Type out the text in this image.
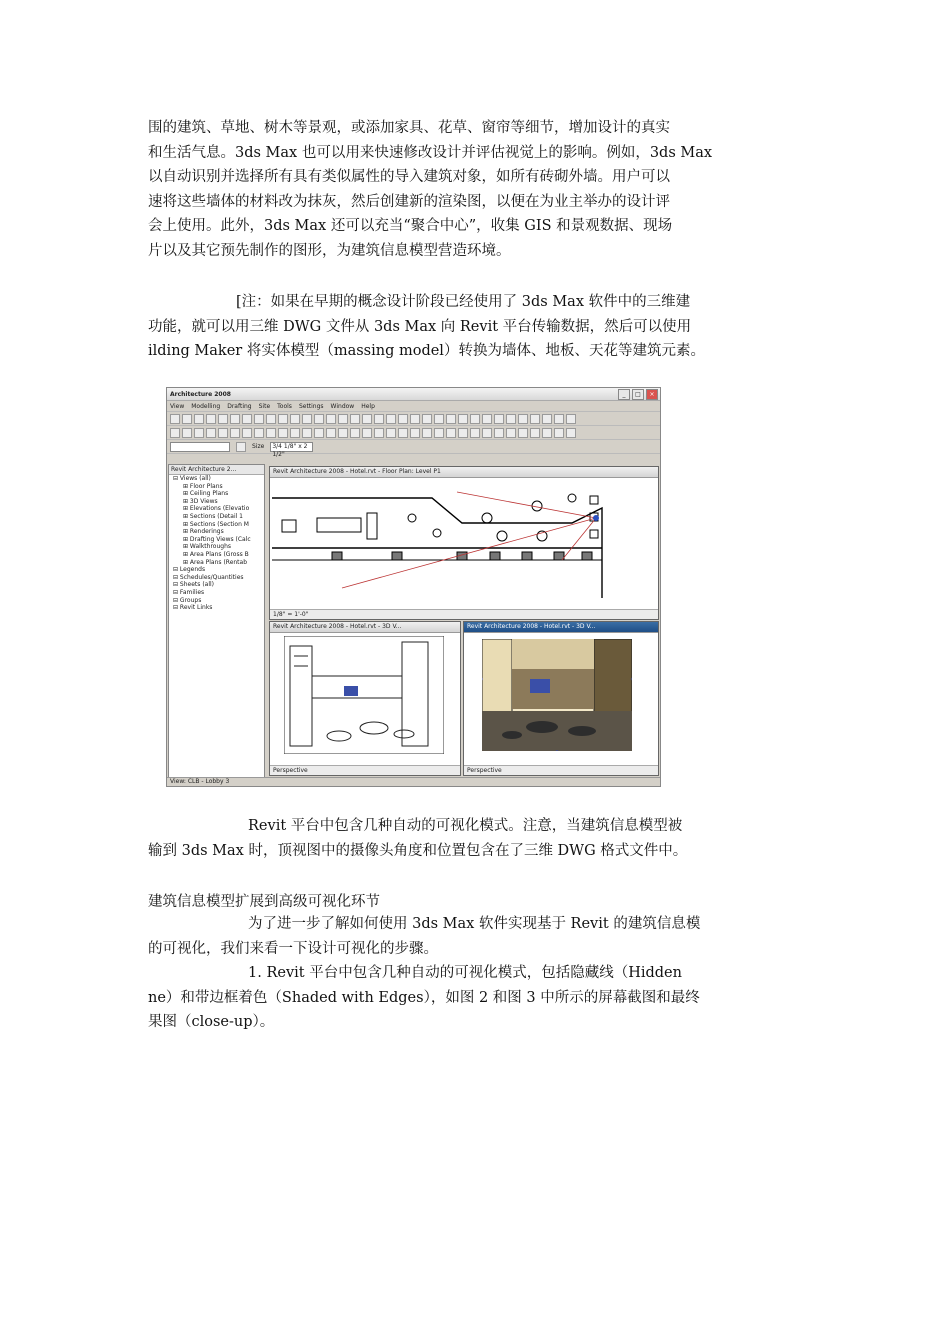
围的建筑、草地、树木等景观，或添加家具、花草、窗帘等细节，增加设计的真实
和生活气息。3ds Max 也可以用来快速修改设计并评估视觉上的影响。例如，3ds Max
以自动识别并选择所有具有类似属性的导入建筑对象，如所有砖砌外墙。用户可以
速将这些墙体的材料改为抹灰，然后创建新的渲染图，以便在为业主举办的设计评
会上使用。此外，3ds Max 还可以充当“聚合中心”，收集 GIS 和景观数据、现场
片以及其它预先制作的图形，为建筑信息模型营造环境。
[注：如果在早期的概念设计阶段已经使用了 3ds Max 软件中的三维建
功能，就可以用三维 DWG 文件从 3ds Max 向 Revit 平台传输数据，然后可以使用
ilding Maker 将实体模型（massing model）转换为墙体、地板、天花等建筑元素。
Architecture 2008	_	□	×
View Modelling Drafting Site Tools Settings Window Help
Size	3/4 1/8" x 2 1/2"
Revit Architecture 2...
⊟ Views (all)
⊞ Floor Plans
⊞ Ceiling Plans
⊞ 3D Views
⊞ Elevations (Elevatio
⊞ Sections (Detail 1
⊞ Sections (Section M
⊞ Renderings
⊞ Drafting Views (Calc
⊞ Walkthroughs
⊞ Area Plans (Gross B
⊞ Area Plans (Rentab
⊟ Legends
⊟ Schedules/Quantities
⊟ Sheets (all)
⊟ Families
⊟ Groups
⊟ Revit Links
Revit Architecture 2008 - Hotel.rvt - Floor Plan: Level P1
1/8" = 1'-0"
Revit Architecture 2008 - Hotel.rvt - 3D V...
Perspective
Revit Architecture 2008 - Hotel.rvt - 3D V...
Perspective
View: CLB - Lobby 3
Revit 平台中包含几种自动的可视化模式。注意，当建筑信息模型被
输到 3ds Max 时，顶视图中的摄像头角度和位置包含在了三维 DWG 格式文件中。
建筑信息模型扩展到高级可视化环节
为了进一步了解如何使用 3ds Max 软件实现基于 Revit 的建筑信息模
的可视化，我们来看一下设计可视化的步骤。
1. Revit 平台中包含几种自动的可视化模式，包括隐藏线（Hidden
ne）和带边框着色（Shaded with Edges），如图 2 和图 3 中所示的屏幕截图和最终
果图（close-up）。
